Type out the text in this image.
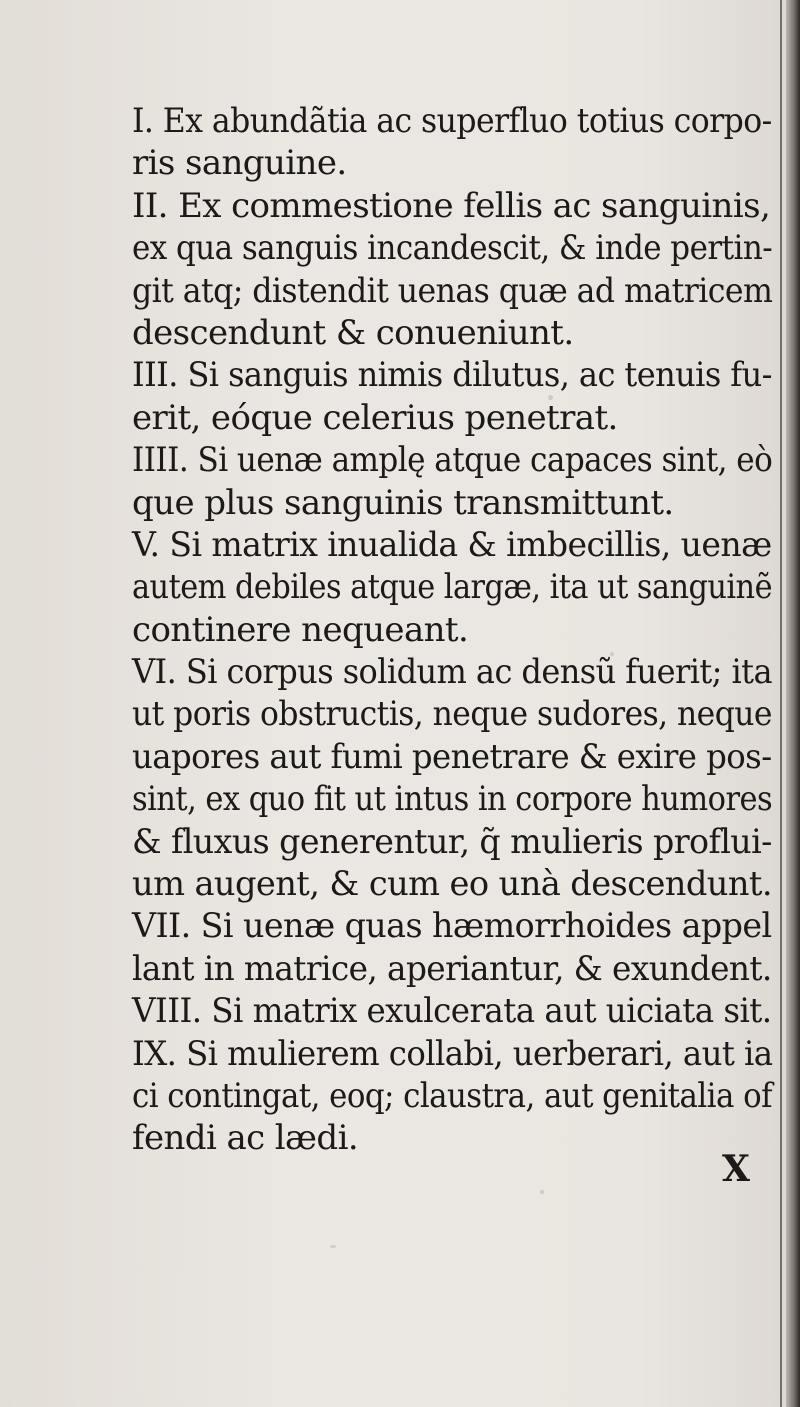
I. Ex abundãtia ac superfluo totius corpo-
ris sanguine.
II. Ex commestione fellis ac sanguinis,
ex qua sanguis incandescit, & inde pertin-
git atq; distendit uenas quæ ad matricem
descendunt & conueniunt.
III. Si sanguis nimis dilutus, ac tenuis fu-
erit, eóque celerius penetrat.
IIII. Si uenæ amplę atque capaces sint, eò
que plus sanguinis transmittunt.
V. Si matrix inualida & imbecillis, uenæ
autem debiles atque largæ, ita ut sanguinẽ
continere nequeant.
VI. Si corpus solidum ac densũ fuerit; ita
ut poris obstructis, neque sudores, neque
uapores aut fumi penetrare & exire pos-
sint, ex quo fit ut intus in corpore humores
& fluxus generentur, q̃ mulieris proflui-
um augent, & cum eo unà descendunt.
VII. Si uenæ quas hæmorrhoides appel
lant in matrice, aperiantur, & exundent.
VIII. Si matrix exulcerata aut uiciata sit.
IX. Si mulierem collabi, uerberari, aut ia
ci contingat, eoq; claustra, aut genitalia of
fendi ac lædi.
X
